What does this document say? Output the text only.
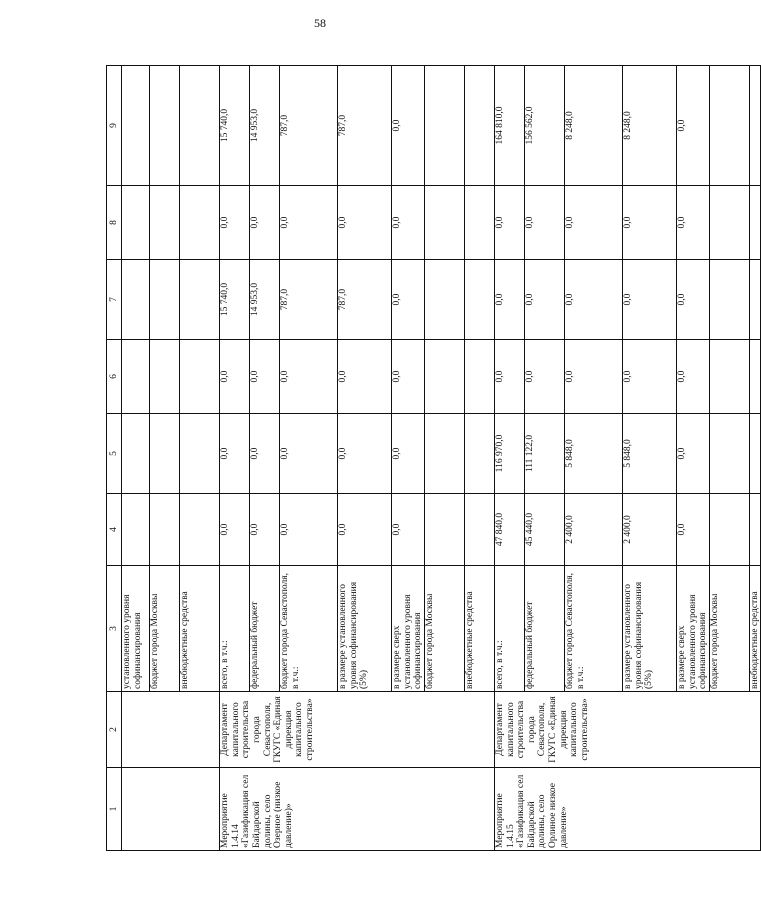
58
1	2	3	4	5	6	7	8	9
		установленного уровня софинансирования						
		бюджет города Москвы						
		внебюджетные средства						
Мероприятие 1.4.14 «Газификация сел Байдарской долины, село Озерное (низкое давление)»	Департамент капитального строительства города Севастополя, ГКУГС «Единая дирекция капитального строительства»	всего, в т.ч.:	0,0	0,0	0,0	15 740,0	0,0	15 740,0
		федеральный бюджет	0,0	0,0	0,0	14 953,0	0,0	14 953,0
		бюджет города Севастополя, в т.ч.:	0,0	0,0	0,0	787,0	0,0	787,0
		в размере установленного уровня софинансирования (5%)	0,0	0,0	0,0	787,0	0,0	787,0
		в размере сверх установленного уровня софинансирования	0,0	0,0	0,0	0,0	0,0	0,0
		бюджет города Москвы						
		внебюджетные средства						
Мероприятие 1.4.15 «Газификация сел Байдарской долины, село Орлиное низкое давление»	Департамент капитального строительства города Севастополя, ГКУГС «Единая дирекция капитального строительства»	всего, в т.ч.:	47 840,0	116 970,0	0,0	0,0	0,0	164 810,0
		федеральный бюджет	45 440,0	111 122,0	0,0	0,0	0,0	156 562,0
		бюджет города Севастополя, в т.ч.:	2 400,0	5 848,0	0,0	0,0	0,0	8 248,0
		в размере установленного уровня софинансирования (5%)	2 400,0	5 848,0	0,0	0,0	0,0	8 248,0
		в размере сверх установленного уровня софинансирования	0,0	0,0	0,0	0,0	0,0	0,0
		бюджет города Москвы						
		внебюджетные средства						
